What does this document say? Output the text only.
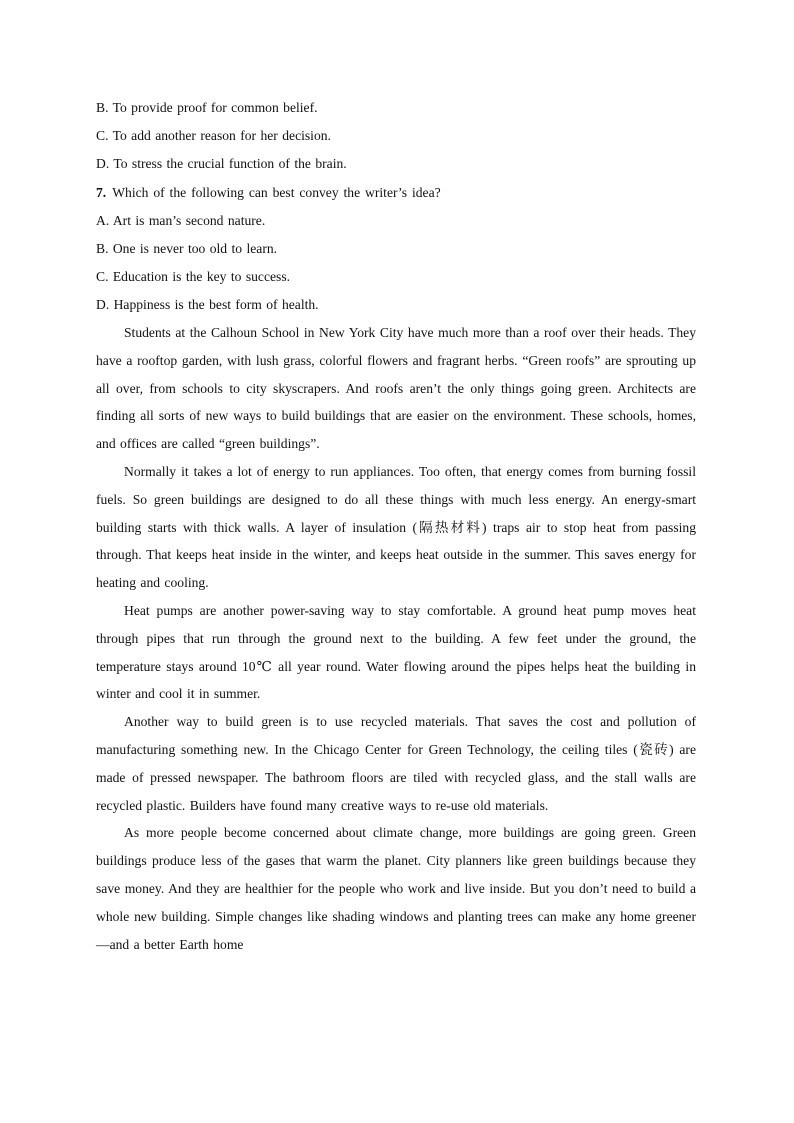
B. To provide proof for common belief.
C. To add another reason for her decision.
D. To stress the crucial function of the brain.
7. Which of the following can best convey the writer’s idea?
A. Art is man’s second nature.
B. One is never too old to learn.
C. Education is the key to success.
D. Happiness is the best form of health.

Students at the Calhoun School in New York City have much more than a roof over their heads. They have a rooftop garden, with lush grass, colorful flowers and fragrant herbs. “Green roofs” are sprouting up all over, from schools to city skyscrapers. And roofs aren’t the only things going green. Architects are finding all sorts of new ways to build buildings that are easier on the environment. These schools, homes, and offices are called “green buildings”.

Normally it takes a lot of energy to run appliances. Too often, that energy comes from burning fossil fuels. So green buildings are designed to do all these things with much less energy. An energy-smart building starts with thick walls. A layer of insulation (隔热材料) traps air to stop heat from passing through. That keeps heat inside in the winter, and keeps heat outside in the summer. This saves energy for heating and cooling.

Heat pumps are another power-saving way to stay comfortable. A ground heat pump moves heat through pipes that run through the ground next to the building. A few feet under the ground, the temperature stays around 10℃ all year round. Water flowing around the pipes helps heat the building in winter and cool it in summer.

Another way to build green is to use recycled materials. That saves the cost and pollution of manufacturing something new. In the Chicago Center for Green Technology, the ceiling tiles (瓷砖) are made of pressed newspaper. The bathroom floors are tiled with recycled glass, and the stall walls are recycled plastic. Builders have found many creative ways to re-use old materials.

As more people become concerned about climate change, more buildings are going green. Green buildings produce less of the gases that warm the planet. City planners like green buildings because they save money. And they are healthier for the people who work and live inside. But you don’t need to build a whole new building. Simple changes like shading windows and planting trees can make any home greener—and a better Earth home
